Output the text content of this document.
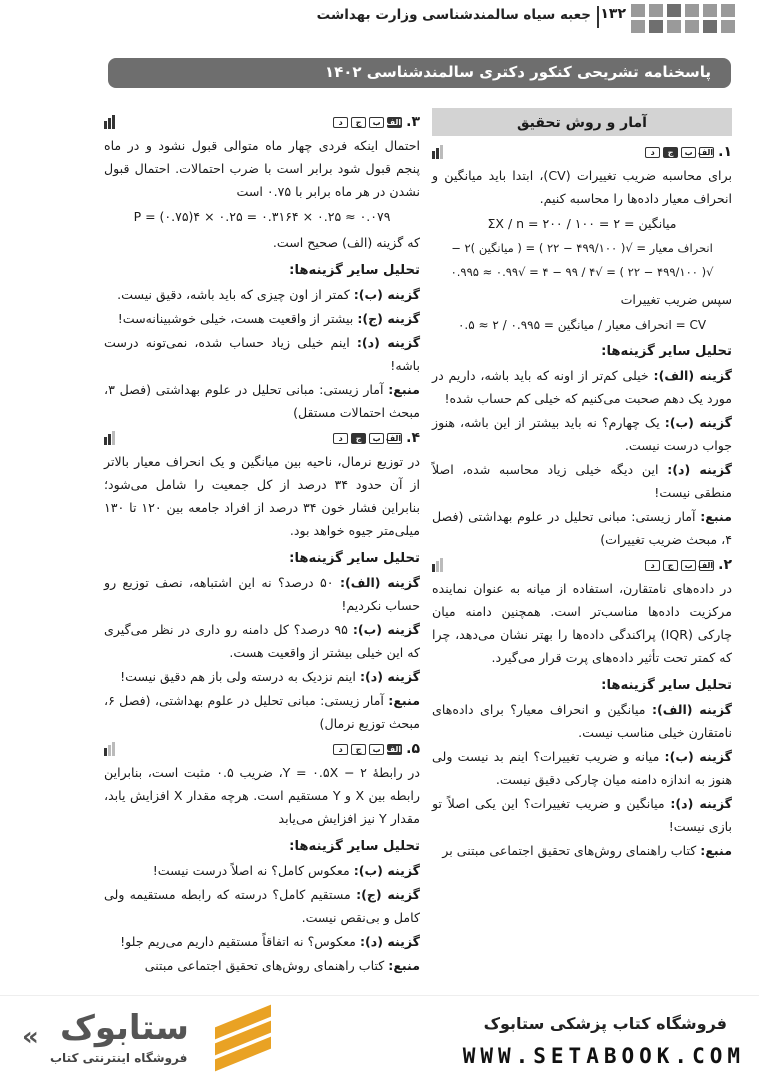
۱۳۲
جعبه سیاه سالمندشناسی وزارت بهداشت
پاسخنامه تشریحی کنکور دکتری سالمندشناسی ۱۴۰۲
آمار و روش تحقیق
۱.
الف
ب
ج
د
برای محاسبه ضریب تغییرات (CV)، ابتدا باید میانگین و انحراف معیار داده‌ها را محاسبه کنیم.
میانگین = ΣX / n = ۲۰۰ / ۱۰۰ = ۲
انحراف معیار = √( ۴۹۹/۱۰۰ − ۲۲ ) = ( میانگین )۲ −
√( ۴۹۹/۱۰۰ − ۲۲ ) = √۴ / ۹۹ − ۴ = √۰.۹۹ ≈ ۰.۹۹۵
سپس ضریب تغییرات
CV = انحراف معیار / میانگین = ۰.۹۹۵ / ۲ ≈ ۰.۵
تحلیل سایر گزینه‌ها:
گزینه (الف): خیلی کم‌تر از اونه که باید باشه، داریم در مورد یک دهم صحبت می‌کنیم که خیلی کم حساب شده!
گزینه (ب): یک چهارم؟ نه باید بیشتر از این باشه، هنوز جواب درست نیست.
گزینه (د): این دیگه خیلی زیاد محاسبه شده، اصلاً منطقی نیست!
منبع: آمار زیستی: مبانی تحلیل در علوم بهداشتی (فصل ۴، مبحث ضریب تغییرات)
۲.
الف
ب
ج
د
در داده‌های نامتقارن، استفاده از میانه به عنوان نماینده مرکزیت داده‌ها مناسب‌تر است. همچنین دامنه میان چارکی (IQR) پراکندگی داده‌ها را بهتر نشان می‌دهد، چرا که کمتر تحت تأثیر داده‌های پرت قرار می‌گیرد.
تحلیل سایر گزینه‌ها:
گزینه (الف): میانگین و انحراف معیار؟ برای داده‌های نامتقارن خیلی مناسب نیست.
گزینه (ب): میانه و ضریب تغییرات؟ اینم بد نیست ولی هنوز به اندازه دامنه میان چارکی دقیق نیست.
گزینه (د): میانگین و ضریب تغییرات؟ این یکی اصلاً تو بازی نیست!
منبع: کتاب راهنمای روش‌های تحقیق اجتماعی مبتنی بر
۳.
الف
ب
ج
د
احتمال اینکه فردی چهار ماه متوالی قبول نشود و در ماه پنجم قبول شود برابر است با ضرب احتمالات. احتمال قبول نشدن در هر ماه برابر با ۰.۷۵ است
P = (۰.۷۵)۴ × ۰.۲۵ = ۰.۳۱۶۴ × ۰.۲۵ ≈ ۰.۰۷۹
که گزینه (الف) صحیح است.
تحلیل سایر گزینه‌ها:
گزینه (ب): کمتر از اون چیزی که باید باشه، دقیق نیست.
گزینه (ج): بیشتر از واقعیت هست، خیلی خوشبینانه‌ست!
گزینه (د): اینم خیلی زیاد حساب شده، نمی‌تونه درست باشه!
منبع: آمار زیستی: مبانی تحلیل در علوم بهداشتی (فصل ۳، مبحث احتمالات مستقل)
۴.
الف
ب
ج
د
در توزیع نرمال، ناحیه بین میانگین و یک انحراف معیار بالاتر از آن حدود ۳۴ درصد از کل جمعیت را شامل می‌شود؛ بنابراین فشار خون ۳۴ درصد از افراد جامعه بین ۱۲۰ تا ۱۳۰ میلی‌متر جیوه خواهد بود.
تحلیل سایر گزینه‌ها:
گزینه (الف): ۵۰ درصد؟ نه این اشتباهه، نصف توزیع رو حساب نکردیم!
گزینه (ب): ۹۵ درصد؟ کل دامنه رو داری در نظر می‌گیری که این خیلی بیشتر از واقعیت هست.
گزینه (د): اینم نزدیک به درسته ولی باز هم دقیق نیست!
منبع: آمار زیستی: مبانی تحلیل در علوم بهداشتی، (فصل ۶، مبحث توزیع نرمال)
۵.
الف
ب
ج
د
در رابطهٔ Y = ۰.۵X − ۲، ضریب ۰.۵ مثبت است، بنابراین رابطه بین X و Y مستقیم است. هرچه مقدار X افزایش یابد، مقدار Y نیز افزایش می‌یابد
تحلیل سایر گزینه‌ها:
گزینه (ب): معکوس کامل؟ نه اصلاً درست نیست!
گزینه (ج): مستقیم کامل؟ درسته که رابطه مستقیمه ولی کامل و بی‌نقص نیست.
گزینه (د): معکوس؟ نه اتفاقاً مستقیم داریم می‌ریم جلو!
منبع: کتاب راهنمای روش‌های تحقیق اجتماعی مبتنی
« ستابوک
فروشگاه اینترنتی کتاب
فروشگاه کتاب پزشکی ستابوک
WWW.SETABOOK.COM
